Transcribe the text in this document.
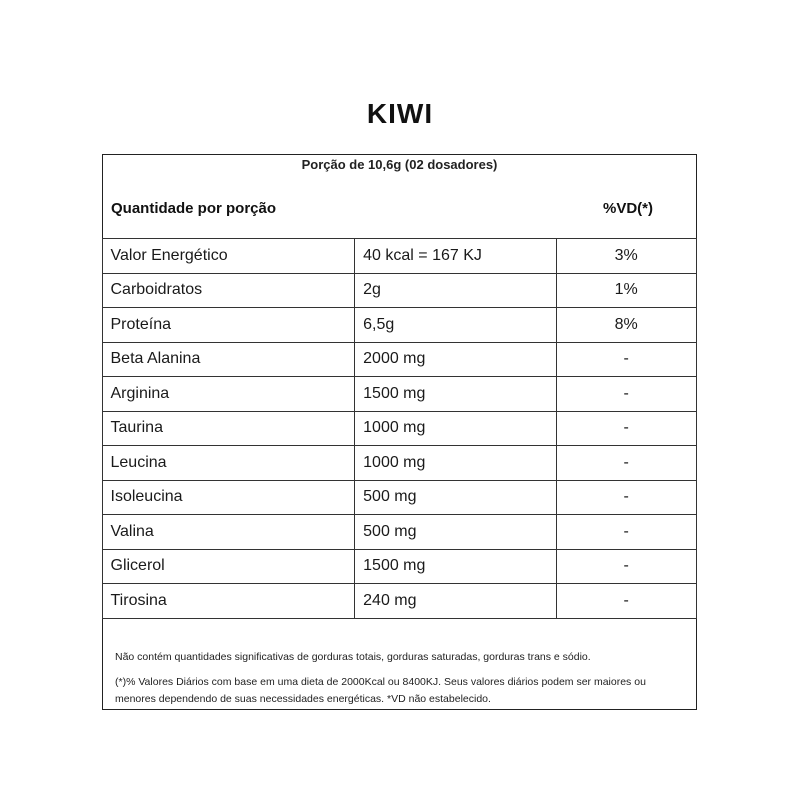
KIWI
Porção de 10,6g (02 dosadores)
Quantidade por porção	%VD(*)
Valor Energético	40 kcal = 167 KJ	3%
Carboidratos	2g	1%
Proteína	6,5g	8%
Beta Alanina	2000 mg	-
Arginina	1500 mg	-
Taurina	1000 mg	-
Leucina	1000 mg	-
Isoleucina	500 mg	-
Valina	500 mg	-
Glicerol	1500 mg	-
Tirosina	240 mg	-
Não contém quantidades significativas de gorduras totais, gorduras saturadas, gorduras trans e sódio.
(*)% Valores Diários com base em uma dieta de 2000Kcal ou 8400KJ. Seus valores diários podem ser maiores ou menores dependendo de suas necessidades energéticas. *VD não estabelecido.
